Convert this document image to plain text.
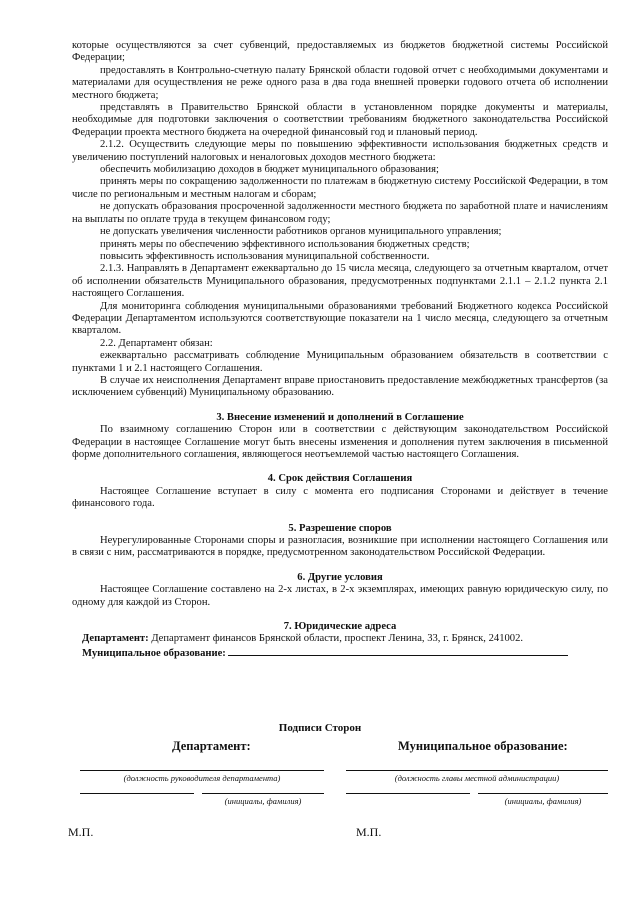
которые осуществляются за счет субвенций, предоставляемых из бюджетов бюджетной системы Российской Федерации;

предоставлять в Контрольно-счетную палату Брянской области годовой отчет с необходимыми документами и материалами для осуществления не реже одного раза в два года внешней проверки годового отчета об исполнении местного бюджета;

представлять в Правительство Брянской области в установленном порядке документы и материалы, необходимые для подготовки заключения о соответствии требованиям бюджетного законодательства Российской Федерации проекта местного бюджета на очередной финансовый год и плановый период.

2.1.2. Осуществить следующие меры по повышению эффективности использования бюджетных средств и увеличению поступлений налоговых и неналоговых доходов местного бюджета:

обеспечить мобилизацию доходов в бюджет муниципального образования;

принять меры по сокращению задолженности по платежам в бюджетную систему Российской Федерации, в том числе по региональным и местным налогам и сборам;

не допускать образования просроченной задолженности местного бюджета по заработной плате и начислениям на выплаты по оплате труда в текущем финансовом году;

не допускать увеличения численности работников органов муниципального управления;

принять меры по обеспечению эффективного использования бюджетных средств;

повысить эффективность использования муниципальной собственности.

2.1.3. Направлять в Департамент ежеквартально до 15 числа месяца, следующего за отчетным кварталом, отчет об исполнении обязательств Муниципального образования, предусмотренных подпунктами 2.1.1 – 2.1.2 пункта 2.1 настоящего Соглашения.

Для мониторинга соблюдения муниципальными образованиями требований Бюджетного кодекса Российской Федерации Департаментом используются соответствующие показатели на 1 число месяца, следующего за отчетным кварталом.

2.2. Департамент обязан:

ежеквартально рассматривать соблюдение Муниципальным образованием обязательств в соответствии с пунктами 1 и 2.1 настоящего Соглашения.

В случае их неисполнения Департамент вправе приостановить предоставление межбюджетных трансфертов (за исключением субвенций) Муниципальному образованию.

3. Внесение изменений и дополнений в Соглашение

По взаимному соглашению Сторон или в соответствии с действующим законодательством Российской Федерации в настоящее Соглашение могут быть внесены изменения и дополнения путем заключения в письменной форме дополнительного соглашения, являющегося неотъемлемой частью настоящего Соглашения.

4. Срок действия Соглашения

Настоящее Соглашение вступает в силу с момента его подписания Сторонами и действует в течение финансового года.

5. Разрешение споров

Неурегулированные Сторонами споры и разногласия, возникшие при исполнении настоящего Соглашения или в связи с ним, рассматриваются в порядке, предусмотренном законодательством Российской Федерации.

6. Другие условия

Настоящее Соглашение составлено на 2-х листах, в 2-х экземплярах, имеющих равную юридическую силу, по одному для каждой из Сторон.

7. Юридические адреса

Департамент: Департамент финансов Брянской области, проспект Ленина, 33, г. Брянск, 241002.

Муниципальное образование:

Подписи Сторон
Департамент:	Муниципальное образование:
(должность руководителя департамента)	(должность главы местной администрации)
(инициалы, фамилия)	(инициалы, фамилия)
М.П.	М.П.
